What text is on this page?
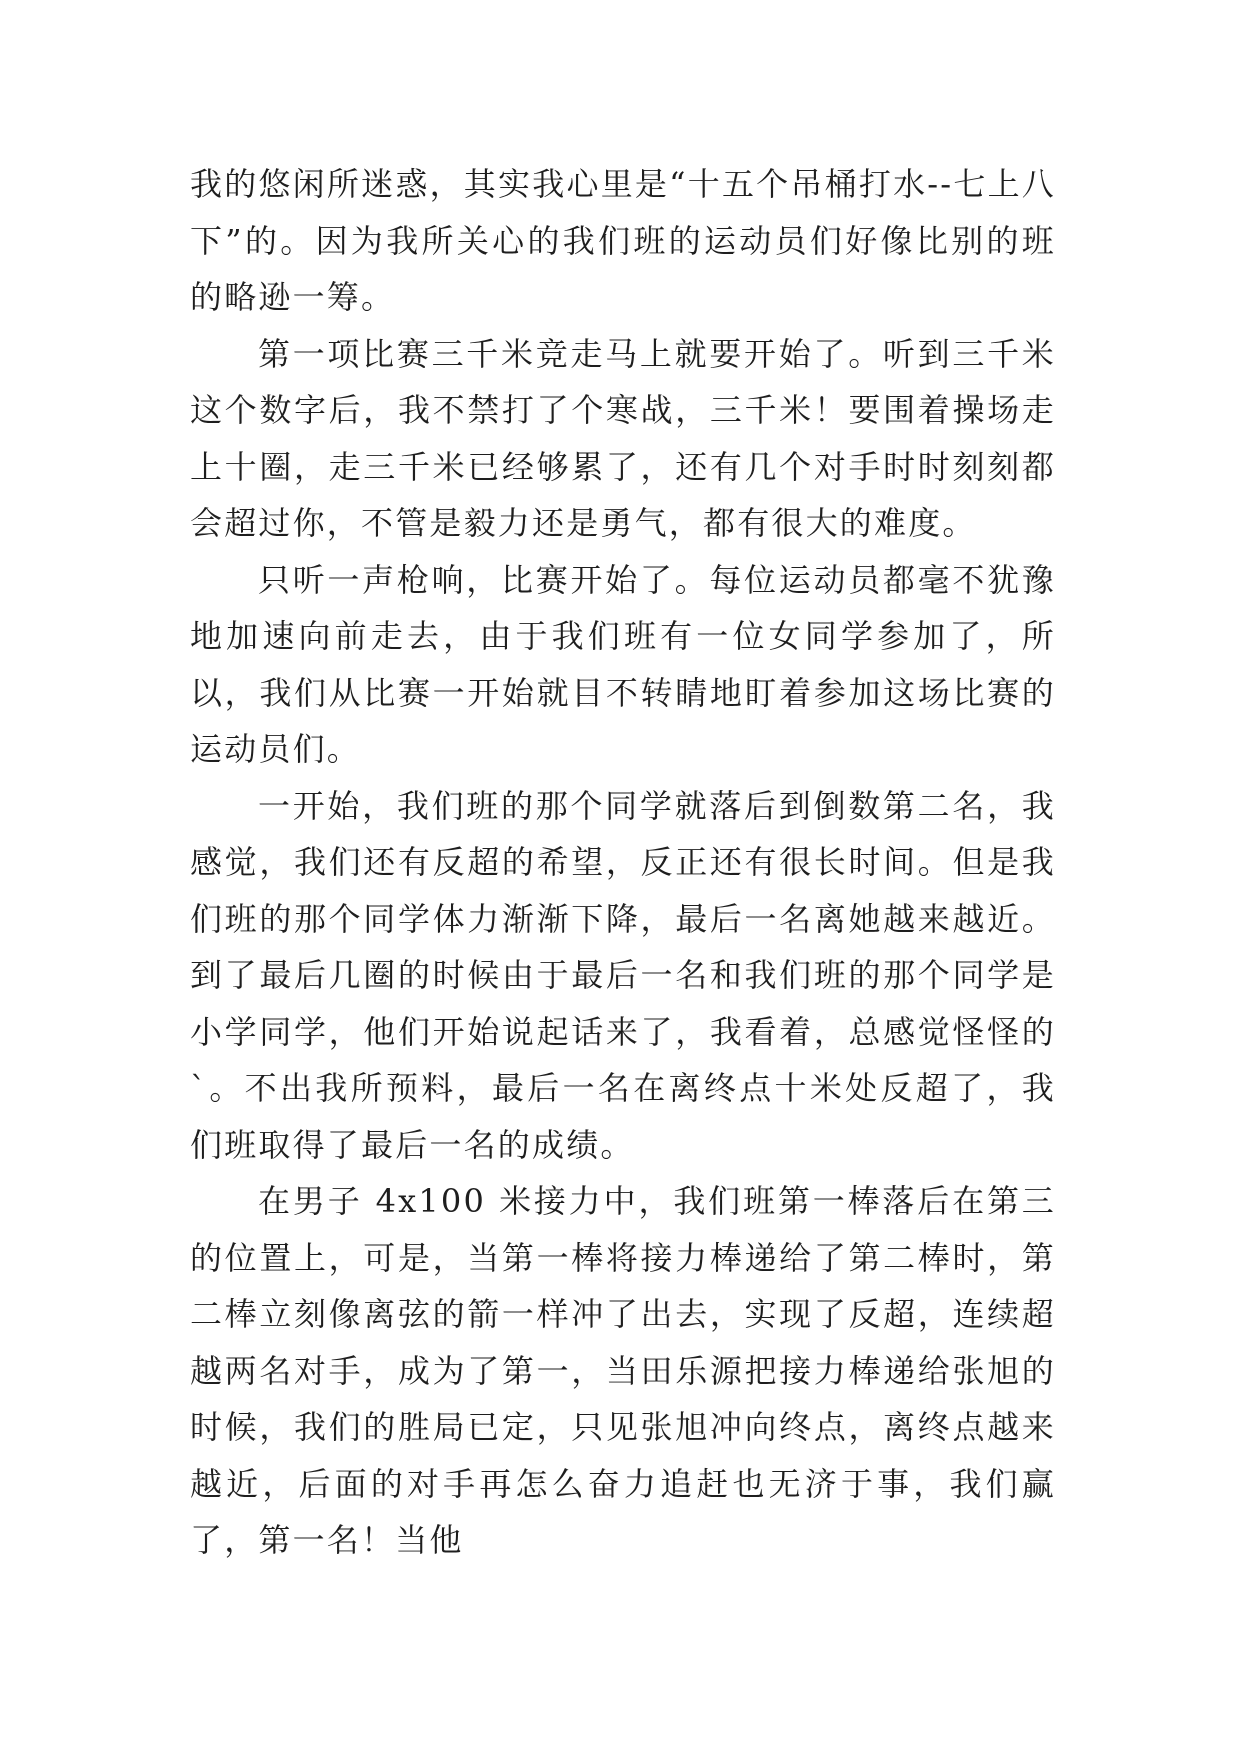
我的悠闲所迷惑，其实我心里是“十五个吊桶打水--七上八下”的。因为我所关心的我们班的运动员们好像比别的班的略逊一筹。

第一项比赛三千米竞走马上就要开始了。听到三千米这个数字后，我不禁打了个寒战，三千米！要围着操场走上十圈，走三千米已经够累了，还有几个对手时时刻刻都会超过你，不管是毅力还是勇气，都有很大的难度。

只听一声枪响，比赛开始了。每位运动员都毫不犹豫地加速向前走去，由于我们班有一位女同学参加了，所以，我们从比赛一开始就目不转睛地盯着参加这场比赛的运动员们。

一开始，我们班的那个同学就落后到倒数第二名，我感觉，我们还有反超的希望，反正还有很长时间。但是我们班的那个同学体力渐渐下降，最后一名离她越来越近。到了最后几圈的时候由于最后一名和我们班的那个同学是小学同学，他们开始说起话来了，我看着，总感觉怪怪的`。不出我所预料，最后一名在离终点十米处反超了，我们班取得了最后一名的成绩。

在男子 4x100 米接力中，我们班第一棒落后在第三的位置上，可是，当第一棒将接力棒递给了第二棒时，第二棒立刻像离弦的箭一样冲了出去，实现了反超，连续超越两名对手，成为了第一，当田乐源把接力棒递给张旭的时候，我们的胜局已定，只见张旭冲向终点，离终点越来越近，后面的对手再怎么奋力追赶也无济于事，我们赢了，第一名！当他
